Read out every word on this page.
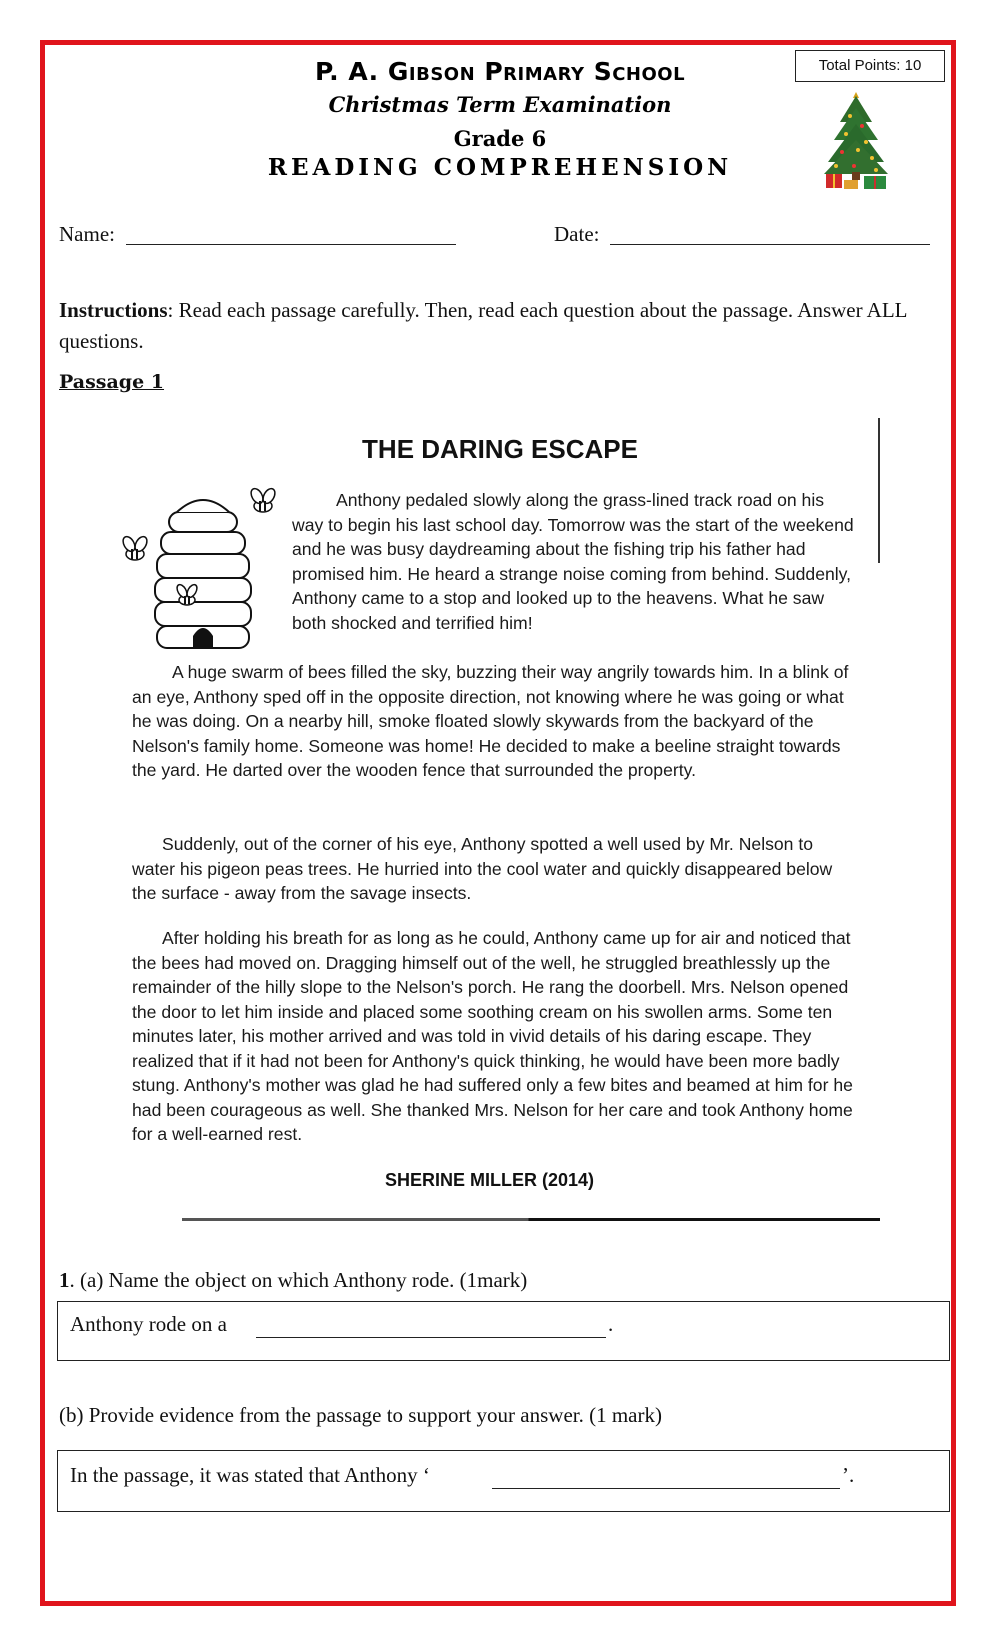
P. A. Gibson Primary School
Christmas Term Examination
Grade 6
READING COMPREHENSION
Total Points: 10
Name:	Date:
Instructions: Read each passage carefully. Then, read each question about the passage. Answer ALL questions.
Passage 1
THE DARING ESCAPE
Anthony pedaled slowly along the grass-lined track road on his way to begin his last school day. Tomorrow was the start of the weekend and he was busy daydreaming about the fishing trip his father had promised him. He heard a strange noise coming from behind. Suddenly, Anthony came to a stop and looked up to the heavens. What he saw both shocked and terrified him!
A huge swarm of bees filled the sky, buzzing their way angrily towards him. In a blink of an eye, Anthony sped off in the opposite direction, not knowing where he was going or what he was doing. On a nearby hill, smoke floated slowly skywards from the backyard of the Nelson's family home. Someone was home! He decided to make a beeline straight towards the yard. He darted over the wooden fence that surrounded the property.
Suddenly, out of the corner of his eye, Anthony spotted a well used by Mr. Nelson to water his pigeon peas trees. He hurried into the cool water and quickly disappeared below the surface - away from the savage insects.
After holding his breath for as long as he could, Anthony came up for air and noticed that the bees had moved on. Dragging himself out of the well, he struggled breathlessly up the remainder of the hilly slope to the Nelson's porch. He rang the doorbell. Mrs. Nelson opened the door to let him inside and placed some soothing cream on his swollen arms. Some ten minutes later, his mother arrived and was told in vivid details of his daring escape. They realized that if it had not been for Anthony's quick thinking, he would have been more badly stung. Anthony's mother was glad he had suffered only a few bites and beamed at him for he had been courageous as well. She thanked Mrs. Nelson for her care and took Anthony home for a well-earned rest.
SHERINE MILLER (2014)
1. (a) Name the object on which Anthony rode. (1mark)
Anthony rode on a	.
(b) Provide evidence from the passage to support your answer. (1 mark)
In the passage, it was stated that Anthony ‘	’.
